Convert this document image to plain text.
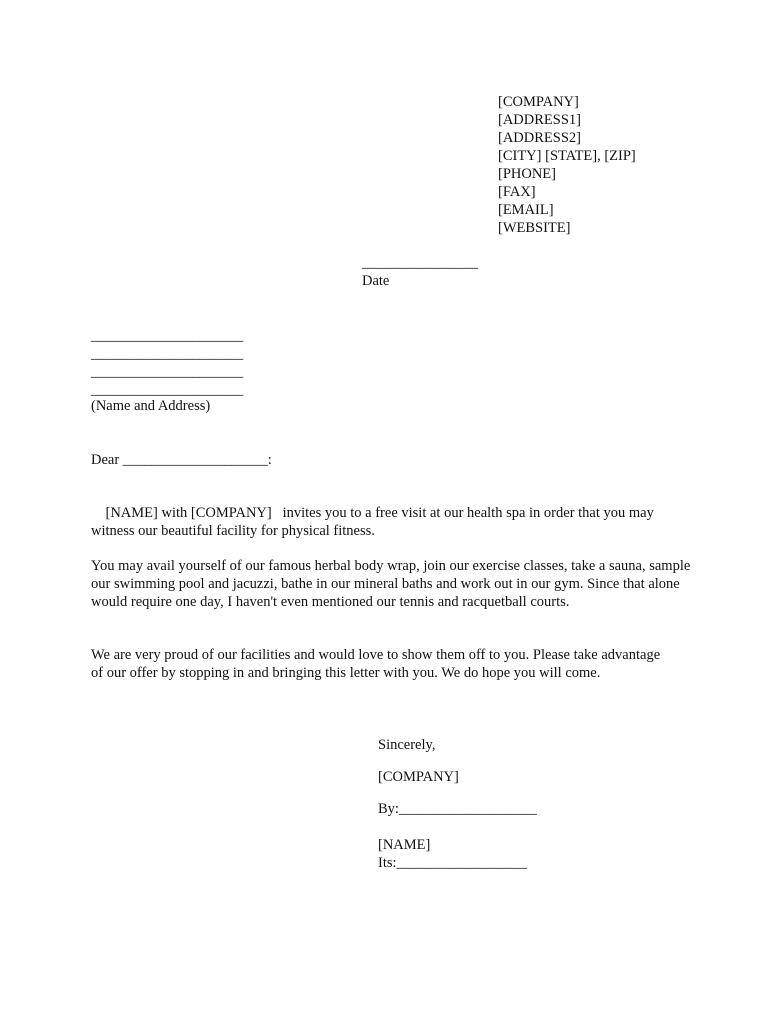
[COMPANY]

[ADDRESS1]

[ADDRESS2]

[CITY] [STATE], [ZIP]

[PHONE]

[FAX]

[EMAIL]

[WEBSITE]

________________

Date

_____________________

_____________________

_____________________

_____________________

(Name and Address)

Dear ____________________:

[NAME] with [COMPANY]   invites you to a free visit at our health spa in order that you may witness our beautiful facility for physical fitness.

You may avail yourself of our famous herbal body wrap, join our exercise classes, take a sauna, sample our swimming pool and jacuzzi, bathe in our mineral baths and work out in our gym. Since that alone would require one day, I haven't even mentioned our tennis and racquetball courts.

We are very proud of our facilities and would love to show them off to you. Please take advantage of our offer by stopping in and bringing this letter with you. We do hope you will come.

Sincerely,

[COMPANY]

By:___________________

[NAME]

Its:__________________
